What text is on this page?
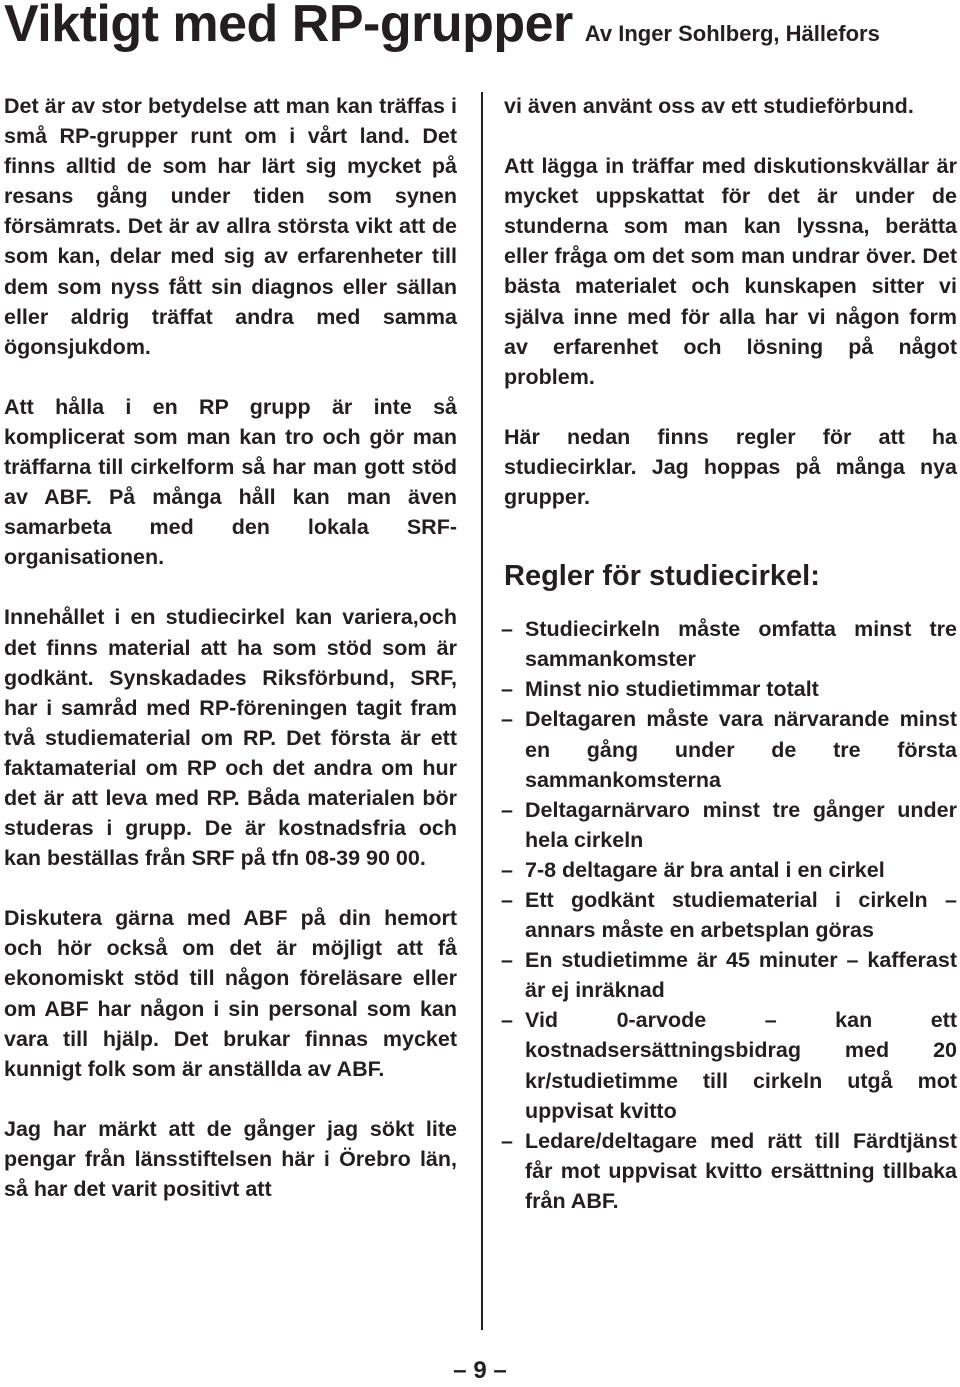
Viktigt med RP-grupper Av Inger Sohlberg, Hällefors

Det är av stor betydelse att man kan träffas i små RP-grupper runt om i vårt land. Det finns alltid de som har lärt sig mycket på resans gång under tiden som synen försämrats. Det är av allra största vikt att de som kan, delar med sig av erfarenheter till dem som nyss fått sin diagnos eller sällan eller aldrig träffat andra med samma ögonsjukdom.

Att hålla i en RP grupp är inte så komplicerat som man kan tro och gör man träffarna till cirkelform så har man gott stöd av ABF. På många håll kan man även samarbeta med den lokala SRF-organisationen.

Innehållet i en studiecirkel kan variera,och det finns material att ha som stöd som är godkänt. Synskadades Riksförbund, SRF, har i samråd med RP-föreningen tagit fram två studiematerial om RP. Det första är ett faktamaterial om RP och det andra om hur det är att leva med RP. Båda materialen bör studeras i grupp. De är kostnadsfria och kan beställas från SRF på tfn 08-39 90 00.

Diskutera gärna med ABF på din hemort och hör också om det är möjligt att få ekonomiskt stöd till någon föreläsare eller om ABF har någon i sin personal som kan vara till hjälp. Det brukar finnas mycket kunnigt folk som är anställda av ABF.

Jag har märkt att de gånger jag sökt lite pengar från länsstiftelsen här i Örebro län, så har det varit positivt att

vi även använt oss av ett studieförbund.

Att lägga in träffar med diskutionskvällar är mycket uppskattat för det är under de stunderna som man kan lyssna, berätta eller fråga om det som man undrar över. Det bästa materialet och kunskapen sitter vi själva inne med för alla har vi någon form av erfarenhet och lösning på något problem.

Här nedan finns regler för att ha studiecirklar. Jag hoppas på många nya grupper.

Regler för studiecirkel:
– Studiecirkeln måste omfatta minst tre sammankomster
– Minst nio studietimmar totalt
– Deltagaren måste vara närvarande minst en gång under de tre första sammankomsterna
– Deltagarnärvaro minst tre gånger under hela cirkeln
– 7-8 deltagare är bra antal i en cirkel
– Ett godkänt studiematerial i cirkeln – annars måste en arbetsplan göras
– En studietimme är 45 minuter – kafferast är ej inräknad
– Vid 0-arvode – kan ett kostnadsersättningsbidrag med 20 kr/studietimme till cirkeln utgå mot uppvisat kvitto
– Ledare/deltagare med rätt till Färdtjänst får mot uppvisat kvitto ersättning tillbaka från ABF.
– 9 –
